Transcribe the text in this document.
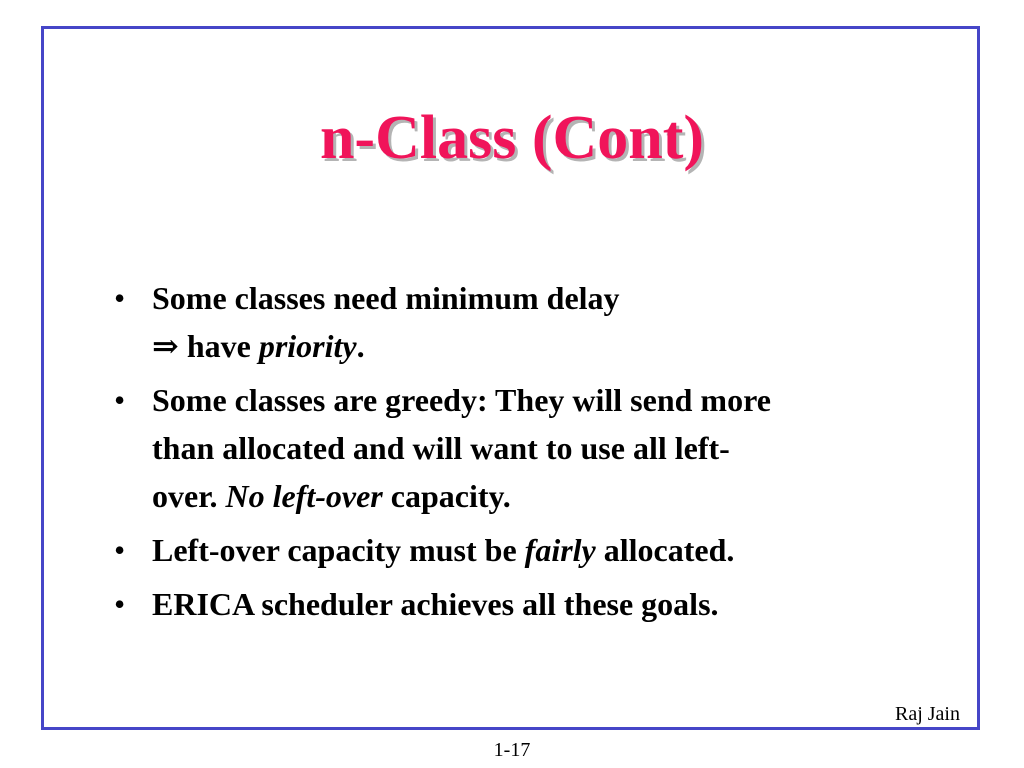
n-Class (Cont)
• Some classes need minimum delay
⇒ have priority.
• Some classes are greedy: They will send more
than allocated and will want to use all left-
over. No left-over capacity.
• Left-over capacity must be fairly allocated.
• ERICA scheduler achieves all these goals.
Raj Jain
1-17
